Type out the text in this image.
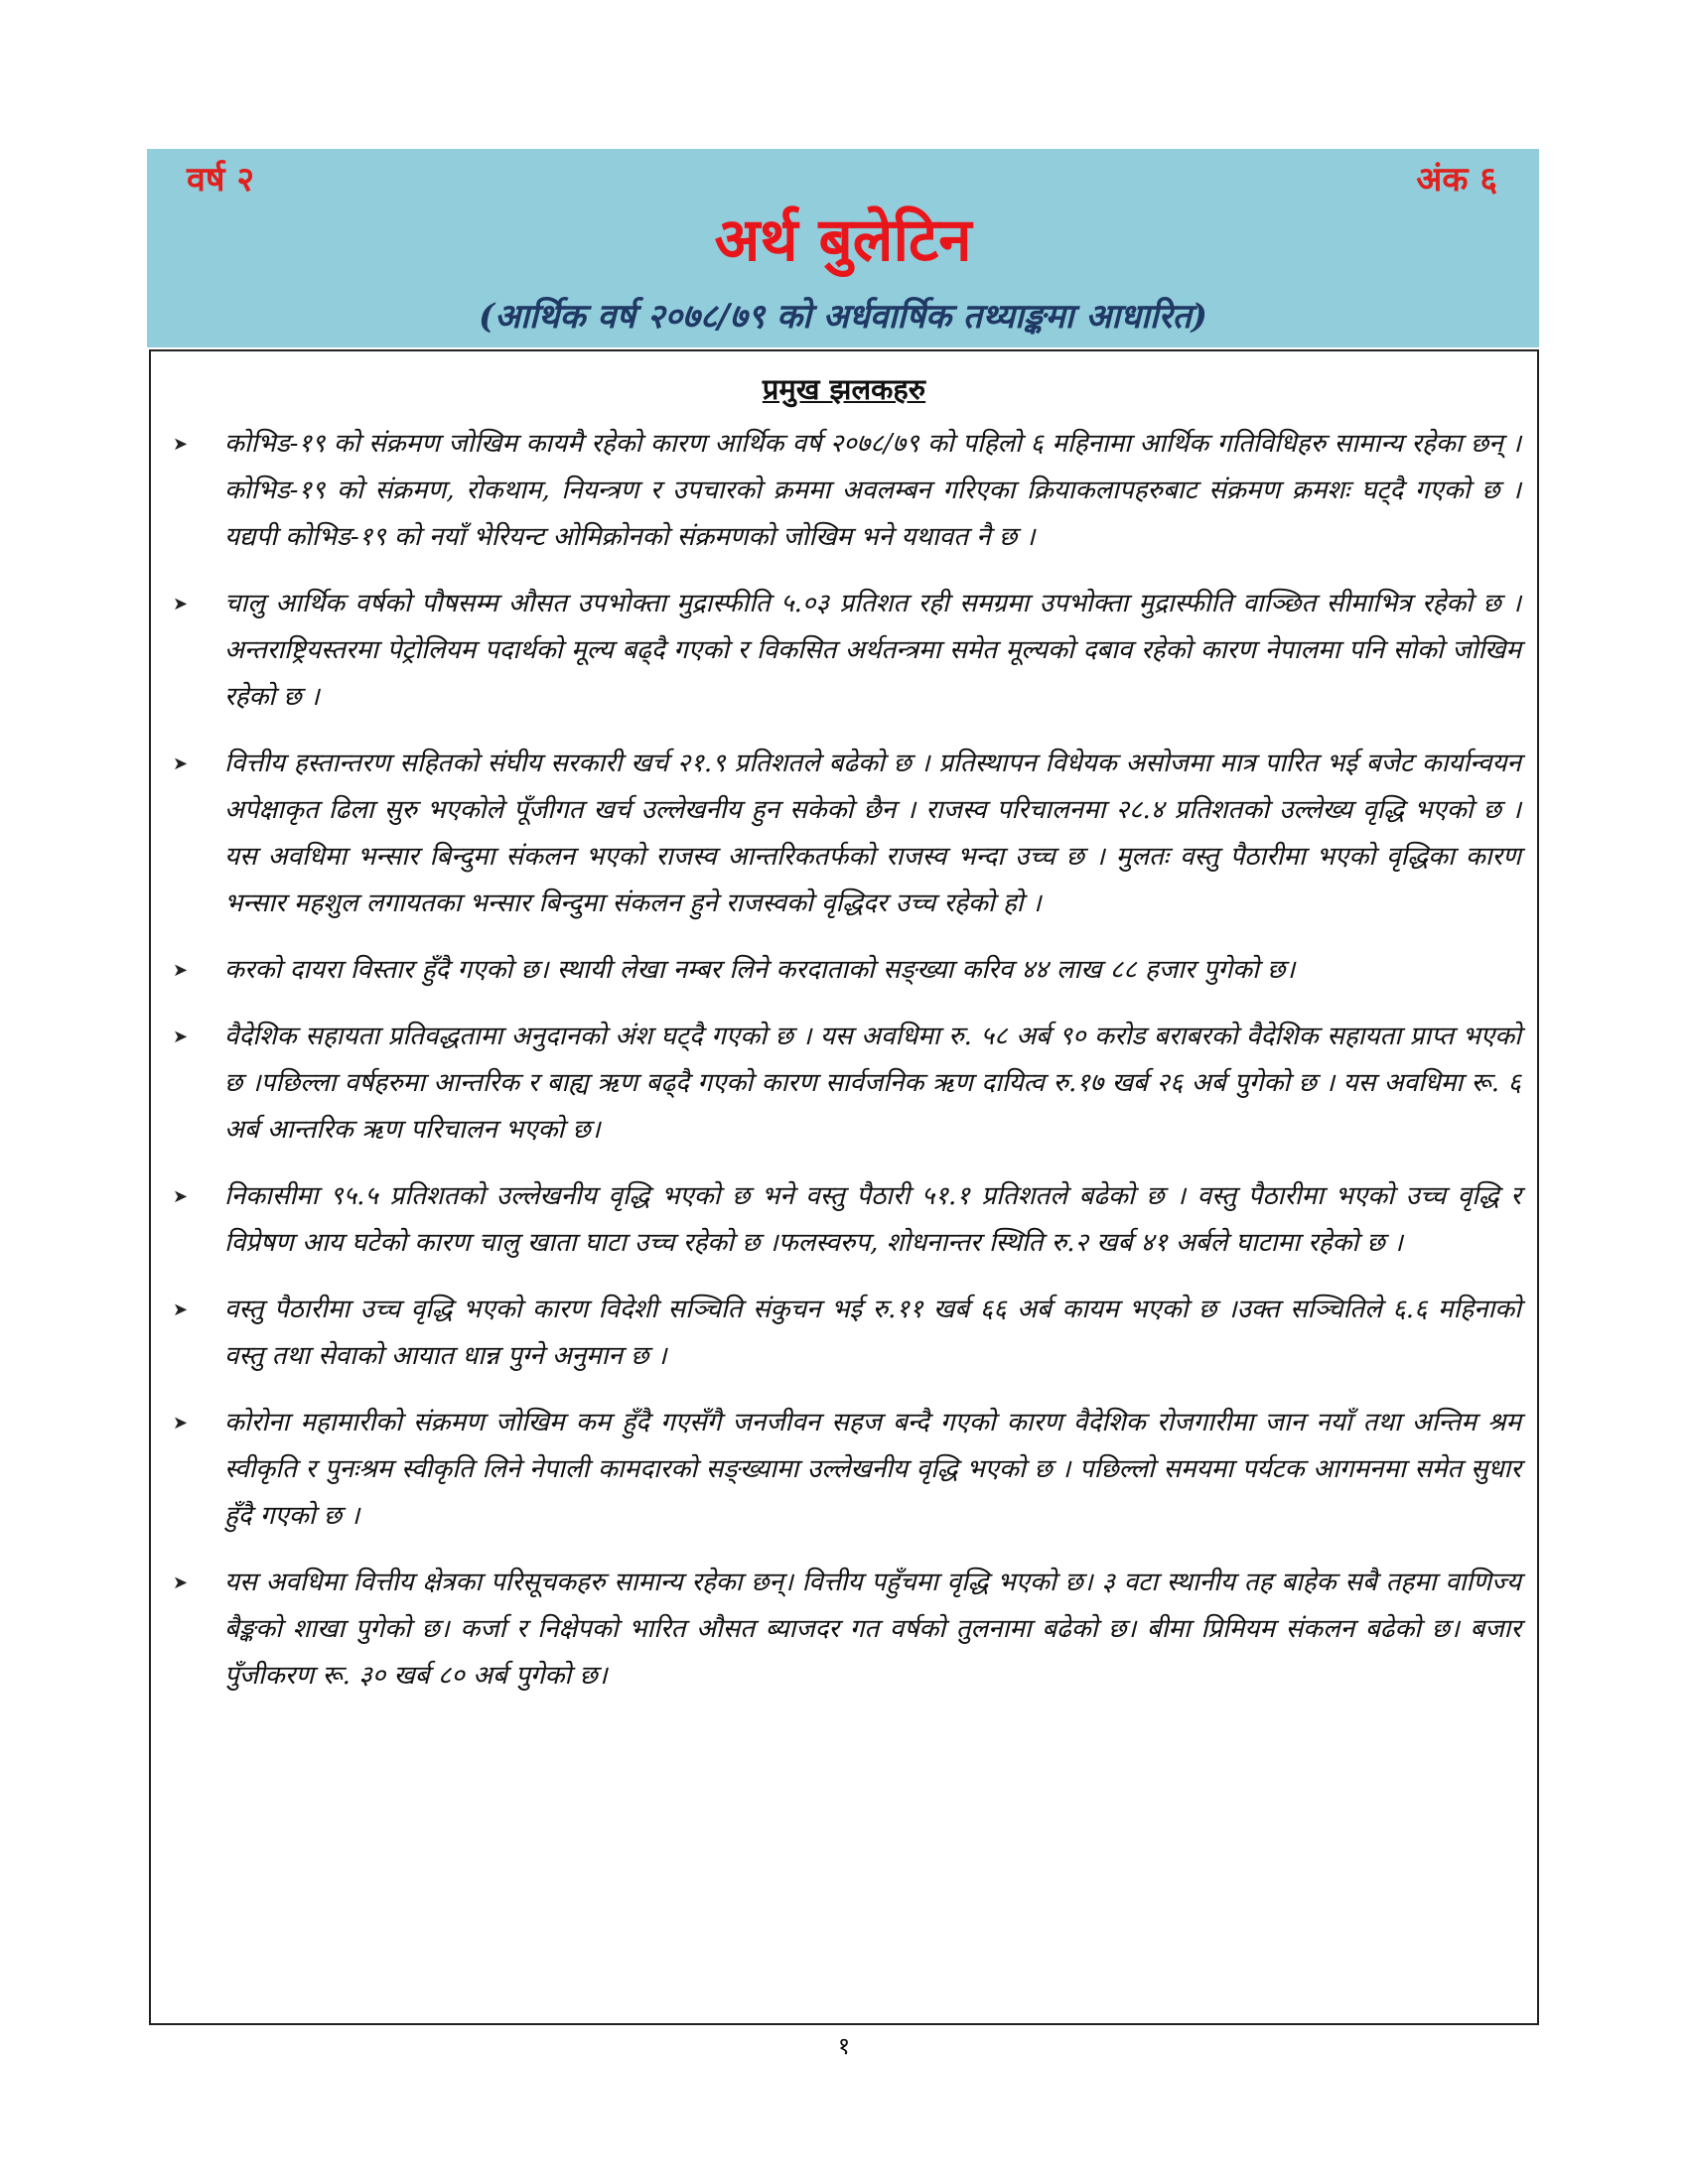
वर्ष २	अंक ६
अर्थ बुलेटिन
(आर्थिक वर्ष २०७८/७९ को अर्धवार्षिक तथ्याङ्कमा आधारित)
प्रमुख झलकहरु
➤ कोभिड-१९ को संक्रमण जोखिम कायमै रहेको कारण आर्थिक वर्ष २०७८/७९ को पहिलो ६ महिनामा आर्थिक गतिविधिहरु सामान्य रहेका छन् । कोभिड-१९ को संक्रमण, रोकथाम, नियन्त्रण र उपचारको क्रममा अवलम्बन गरिएका क्रियाकलापहरुबाट संक्रमण क्रमशः घट्दै गएको छ । यद्यपी कोभिड-१९ को नयाँ भेरियन्ट ओमिक्रोनको संक्रमणको जोखिम भने यथावत नै छ ।
➤ चालु आर्थिक वर्षको पौषसम्म औसत उपभोक्ता मुद्रास्फीति ५.०३ प्रतिशत रही समग्रमा उपभोक्ता मुद्रास्फीति वाञ्छित सीमाभित्र रहेको छ । अन्तराष्ट्रियस्तरमा पेट्रोलियम पदार्थको मूल्य बढ्दै गएको र विकसित अर्थतन्त्रमा समेत मूल्यको दबाव रहेको कारण नेपालमा पनि सोको जोखिम रहेको छ ।
➤ वित्तीय हस्तान्तरण सहितको संघीय सरकारी खर्च २१.९ प्रतिशतले बढेको छ । प्रतिस्थापन विधेयक असोजमा मात्र पारित भई बजेट कार्यान्वयन अपेक्षाकृत ढिला सुरु भएकोले पूँजीगत खर्च उल्लेखनीय हुन सकेको छैन । राजस्व परिचालनमा २८.४ प्रतिशतको उल्लेख्य वृद्धि भएको छ । यस अवधिमा भन्सार बिन्दुमा संकलन भएको राजस्व आन्तरिकतर्फको राजस्व भन्दा उच्च छ । मुलतः वस्तु पैठारीमा भएको वृद्धिका कारण भन्सार महशुल लगायतका भन्सार बिन्दुमा संकलन हुने राजस्वको वृद्धिदर उच्च रहेको हो ।
➤ करको दायरा विस्तार हुँदै गएको छ। स्थायी लेखा नम्बर लिने करदाताको सङ्ख्या करिव ४४ लाख ८८ हजार पुगेको छ।
➤ वैदेशिक सहायता प्रतिवद्धतामा अनुदानको अंश घट्दै गएको छ । यस अवधिमा रु. ५८ अर्ब ९० करोड बराबरको वैदेशिक सहायता प्राप्त भएको छ ।पछिल्ला वर्षहरुमा आन्तरिक र बाह्य ऋण बढ्दै गएको कारण सार्वजनिक ऋण दायित्व रु.१७ खर्ब २६ अर्ब पुगेको छ । यस अवधिमा रू. ६ अर्ब आन्तरिक ऋण परिचालन भएको छ।
➤ निकासीमा ९५.५ प्रतिशतको उल्लेखनीय वृद्धि भएको छ भने वस्तु पैठारी ५१.१ प्रतिशतले बढेको छ । वस्तु पैठारीमा भएको उच्च वृद्धि र विप्रेषण आय घटेको कारण चालु खाता घाटा उच्च रहेको छ ।फलस्वरुप, शोधनान्तर स्थिति रु.२ खर्ब ४१ अर्बले घाटामा रहेको छ ।
➤ वस्तु पैठारीमा उच्च वृद्धि भएको कारण विदेशी सञ्चिति संकुचन भई रु.११ खर्ब ६६ अर्ब कायम भएको छ ।उक्त सञ्चितिले ६.६ महिनाको वस्तु तथा सेवाको आयात धान्न पुग्ने अनुमान छ ।
➤ कोरोना महामारीको संक्रमण जोखिम कम हुँदै गएसँगै जनजीवन सहज बन्दै गएको कारण वैदेशिक रोजगारीमा जान नयाँ तथा अन्तिम श्रम स्वीकृति र पुनःश्रम स्वीकृति लिने नेपाली कामदारको सङ्ख्यामा उल्लेखनीय वृद्धि भएको छ । पछिल्लो समयमा पर्यटक आगमनमा समेत सुधार हुँदै गएको छ ।
➤ यस अवधिमा वित्तीय क्षेत्रका परिसूचकहरु सामान्य रहेका छन्। वित्तीय पहुँचमा वृद्धि भएको छ। ३ वटा स्थानीय तह बाहेक सबै तहमा वाणिज्य बैङ्कको शाखा पुगेको छ। कर्जा र निक्षेपको भारित औसत ब्याजदर गत वर्षको तुलनामा बढेको छ। बीमा प्रिमियम संकलन बढेको छ। बजार पुँजीकरण रू. ३० खर्ब ८० अर्ब पुगेको छ।
१
